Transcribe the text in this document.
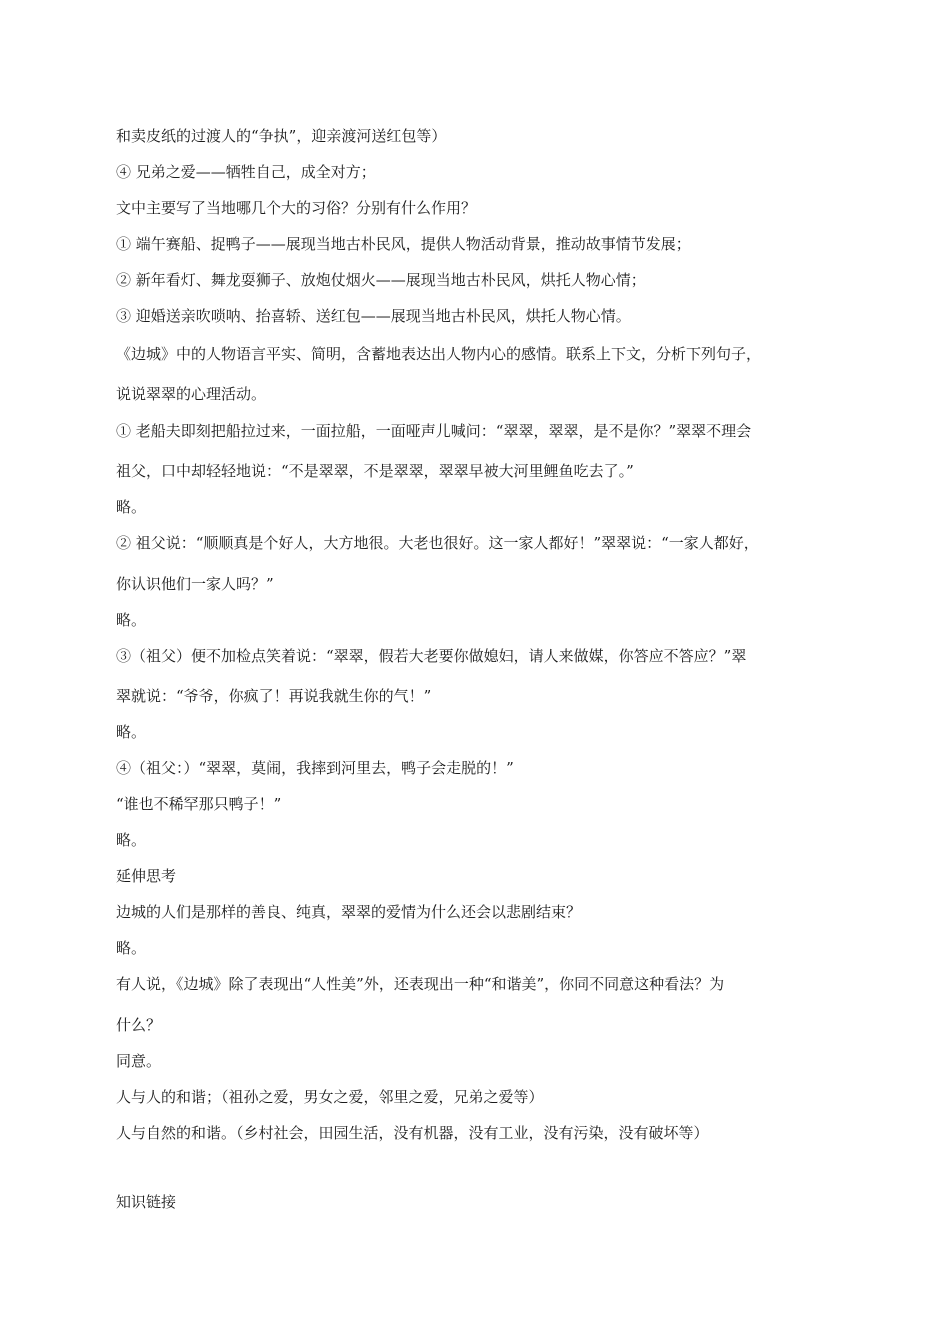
和卖皮纸的过渡人的“争执”，迎亲渡河送红包等）
④ 兄弟之爱——牺牲自己，成全对方；
文中主要写了当地哪几个大的习俗？分别有什么作用？
① 端午赛船、捉鸭子——展现当地古朴民风，提供人物活动背景，推动故事情节发展；
② 新年看灯、舞龙耍狮子、放炮仗烟火——展现当地古朴民风，烘托人物心情；
③ 迎婚送亲吹唢呐、抬喜轿、送红包——展现当地古朴民风，烘托人物心情。
《边城》中的人物语言平实、简明，含蓄地表达出人物内心的感情。联系上下文，分析下列句子，
说说翠翠的心理活动。
① 老船夫即刻把船拉过来，一面拉船，一面哑声儿喊问：“翠翠，翠翠，是不是你？”翠翠不理会
祖父，口中却轻轻地说：“不是翠翠，不是翠翠，翠翠早被大河里鲤鱼吃去了。”
略。
② 祖父说：“顺顺真是个好人，大方地很。大老也很好。这一家人都好！”翠翠说：“一家人都好，
你认识他们一家人吗？”
略。
③（祖父）便不加检点笑着说：“翠翠，假若大老要你做媳妇，请人来做媒，你答应不答应？”翠
翠就说：“爷爷，你疯了！再说我就生你的气！”
略。
④（祖父：）“翠翠，莫闹，我摔到河里去，鸭子会走脱的！”
“谁也不稀罕那只鸭子！”
略。
延伸思考
边城的人们是那样的善良、纯真，翠翠的爱情为什么还会以悲剧结束？
略。
有人说，《边城》除了表现出“人性美”外，还表现出一种“和谐美”，你同不同意这种看法？为
什么？
同意。
人与人的和谐；（祖孙之爱，男女之爱，邻里之爱，兄弟之爱等）
人与自然的和谐。（乡村社会，田园生活，没有机器，没有工业，没有污染，没有破坏等）
知识链接
